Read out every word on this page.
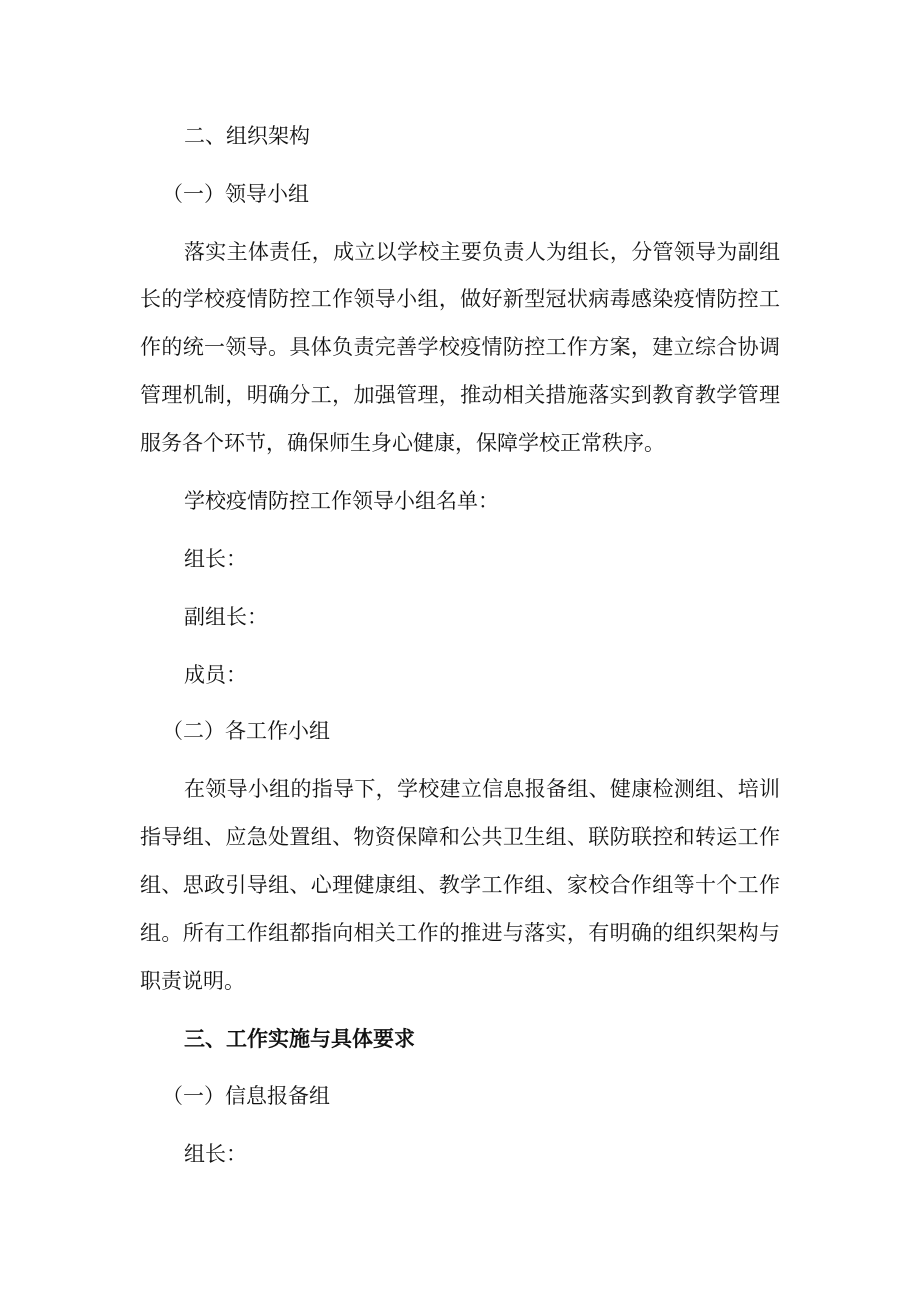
二、组织架构
（一）领导小组
落实主体责任，成立以学校主要负责人为组长，分管领导为副组
长的学校疫情防控工作领导小组，做好新型冠状病毒感染疫情防控工
作的统一领导。具体负责完善学校疫情防控工作方案，建立综合协调
管理机制，明确分工，加强管理，推动相关措施落实到教育教学管理
服务各个环节，确保师生身心健康，保障学校正常秩序。
学校疫情防控工作领导小组名单：
组长：
副组长：
成员：
（二）各工作小组
在领导小组的指导下，学校建立信息报备组、健康检测组、培训
指导组、应急处置组、物资保障和公共卫生组、联防联控和转运工作
组、思政引导组、心理健康组、教学工作组、家校合作组等十个工作
组。所有工作组都指向相关工作的推进与落实，有明确的组织架构与
职责说明。
三、工作实施与具体要求
（一）信息报备组
组长：
